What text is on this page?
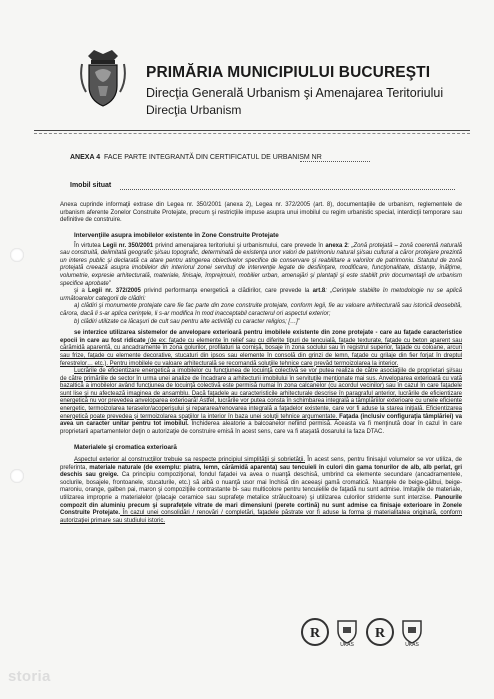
PRIMĂRIA MUNICIPIULUI BUCUREŞTI
Direcţia Generală Urbanism şi Amenajarea Teritoriului
Direcţia Urbanism
ANEXA 4 FACE PARTE INTEGRANTĂ DIN CERTIFICATUL DE URBANISM NR
Imobil situat

Anexa cuprinde informaţii extrase din Legea nr. 350/2001 (anexa 2), Legea nr. 372/2005 (art. 8), documentaţiile de urbanism, reglementele de urbanism aferente Zonelor Construite Protejate, precum şi restricţiile impuse asupra unui imobilul cu regim urbanistic special, interdicţii temporare sau definitive de construire.

Intervenţiile asupra imobilelor existente în Zone Construite Protejate

În virtutea Legii nr. 350/2001 privind amenajarea teritoriului şi urbanismului, care prevede în anexa 2: „Zonă protejată – zonă coerentă naturală sau construită, delimitată geografic şi/sau topografic, determinată de existenţa unor valori de patrimoniu natural şi/sau cultural a căror protejare prezintă un interes public şi declarată ca atare pentru atingerea obiectivelor specifice de conservare şi reabilitare a valorilor de patrimoniu. Statutul de zonă protejată creează asupra imobilelor din interiorul zonei servituţi de intervenţie legate de desfiinţare, modificare, funcţionalitate, distanţe, înălţime, volumetrie, expresie arhitecturală, materiale, finisaje, împrejmuiri, mobilier urban, amenajări şi plantaţii şi este stabilit prin documentaţii de urbanism specifice aprobate”

şi a Legii nr. 372/2005 privind performanţa energetică a clădirilor, care prevede la art.8: „Cerinţele stabilite în metodologie nu se aplică următoarelor categorii de clădiri:

a) clădiri şi monumente protejate care fie fac parte din zone construite protejate, conform legii, fie au valoare arhitecturală sau istorică deosebită, cărora, dacă li s-ar aplica cerinţele, li s-ar modifica în mod inacceptabil caracterul ori aspectul exterior;

b) clădiri utilizate ca lăcaşuri de cult sau pentru alte activităţi cu caracter religios; […]”

se interzice utilizarea sistemelor de anvelopare exterioară pentru imobilele existente din zone protejate - care au faţade caracteristice epocii în care au fost ridicate (de ex: faţade cu elemente în relief sau cu diferite tipuri de tencuială, faţade texturate, faţade cu beton aparent sau cărămidă aparentă, cu ancadramente în zona golurilor, profilaturi la cornişă, bosaje în zona soclului sau în registrul superior, faţade cu coloane, arcuri sau frize, faţade cu elemente decorative, stucaturi din ipsos sau elemente în consolă din grinzi de lemn, faţade cu grilaje din fier forjat în dreptul ferestrelor… etc.). Pentru imobilele cu valoare arhitecturală se recomandă soluţiile tehnice care prevăd termoizolarea la interior.

Lucrările de eficientizare energetică a imobilelor cu funcţiunea de locuinţă colectivă se vor putea realiza de către asociaţiile de proprietari şi/sau de către primăriile de sector în urma unei analize de încadrare a arhitecturii imobilului în servituţile menţionate mai sus. Anveloparea exterioară cu vată bazaltică a imobilelor având funcţiunea de locuinţă colectivă este permisă numai în zona calcanelor (cu acordul vecinilor) sau în cazul în care faţadele sunt lise şi nu afectează imaginea de ansamblu. Dacă faţadele au caracteristicile arhitecturale descrise în paragraful anterior, lucrările de eficientizare energetică nu vor prevedea anveloparea exterioară! Astfel, lucrările vor putea consta în schimbarea integrală a tâmplăriilor exterioare cu unele eficiente energetic, termoizolarea teraselor/acoperişului şi repararea/renovarea integrală a faţadelor existente, care vor fi aduse la starea iniţială. Eficientizarea energetică poate prevedea şi termoizolarea spaţiilor la interior în baza unei soluţii tehnice argumentate. Faţada (inclusiv configuraţia tâmplăriei) va avea un caracter unitar pentru tot imobilul. Închiderea aleatorie a balcoanelor nefiind permisă. Aceasta va fi menţinută doar în cazul în care proprietarii apartamentelor deţin o autorizaţie de construire emisă în acest sens, care va fi ataşată dosarului la faza DTAC.

Materialele şi cromatica exterioară

Aspectul exterior al construcţiilor trebuie sa respecte principiul simplităţii şi sobrietăţii. În acest sens, pentru finisajul volumelor se vor utiliza, de preferinta, materiale naturale (de exemplu: piatra, lemn, cărămidă aparenta) sau tencuieli în culori din gama tonurilor de alb, alb perlat, gri deschis sau greige. Ca principiu compoziţional, fondul faţadei va avea o nuanţă deschisă, umbrind ca elemente secundare (ancadramentele, soclurile, bosajele, frontoanele, stucaturile, etc.) să aibă o nuanţă usor mai închisă din aceeaşi gamă cromatică. Nuanţele de beige-gălbui, beige-maroniu, orange, galben pai, maron şi compoziţiile contrastante bi- sau multicolore pentru tencuielile de faţadă nu sunt admise. Imitaţiile de materiale, utilizarea improprie a materialelor (placaje ceramice sau suprafeţe metalice strălucitoare) şi utilizarea culorilor stridente sunt interzise. Panourile compozit din aluminiu precum şi suprafeţele vitrate de mari dimensiuni (perete cortină) nu sunt admise ca finisaje exterioare în Zonele Construite Protejate. În cazul unei consolidări / renovări / completări, faţadele păstrate vor fi aduse la forma şi materialitatea originară, conform autorizaţiei primare sau studiului istoric.

R
UKAS
R
UKAS
storia
